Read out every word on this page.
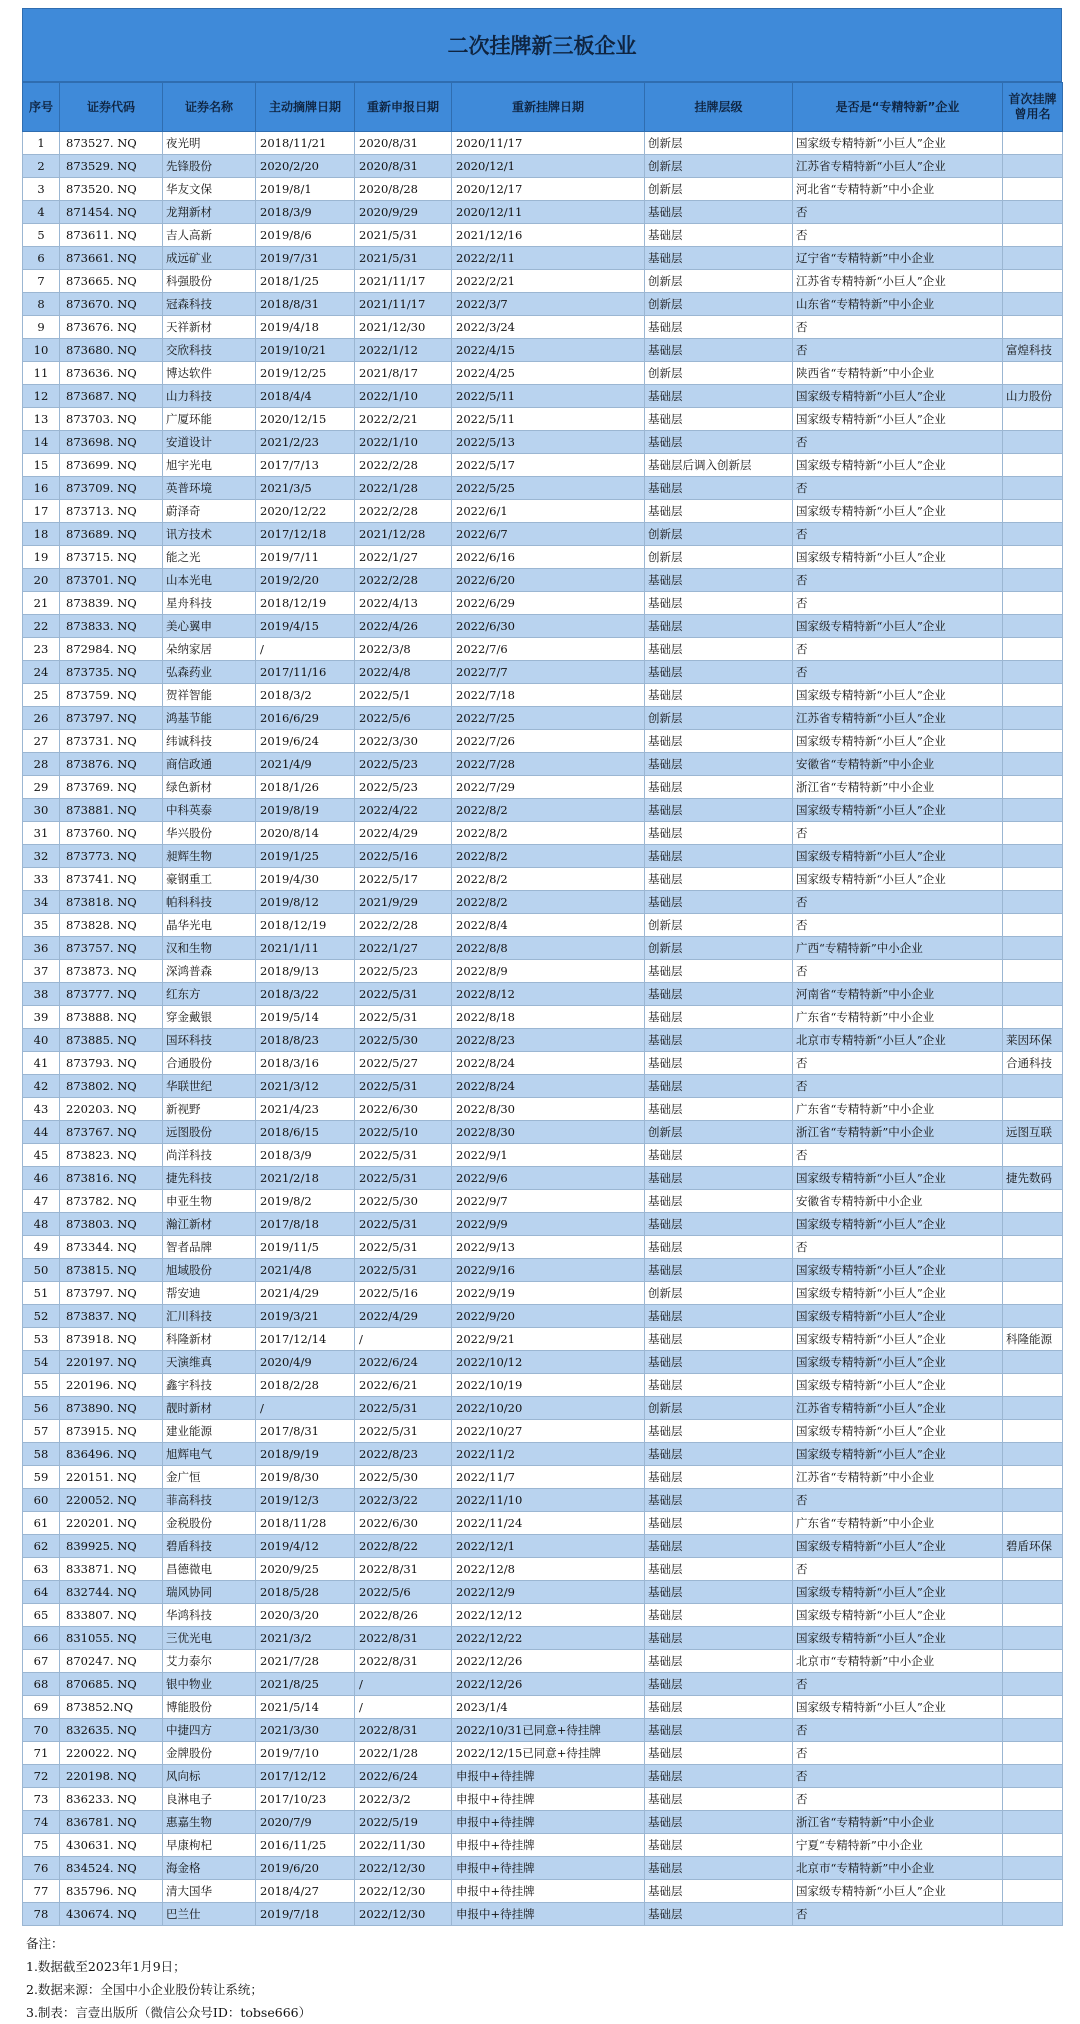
二次挂牌新三板企业
序号	证券代码	证券名称	主动摘牌日期	重新申报日期	重新挂牌日期	挂牌层级	是否是“专精特新”企业	首次挂牌曾用名
1	873527. NQ	夜光明	2018/11/21	2020/8/31	2020/11/17	创新层	国家级专精特新“小巨人”企业	
2	873529. NQ	先锋股份	2020/2/20	2020/8/31	2020/12/1	创新层	江苏省专精特新“小巨人”企业	
3	873520. NQ	华友文保	2019/8/1	2020/8/28	2020/12/17	创新层	河北省“专精特新”中小企业	
4	871454. NQ	龙翔新材	2018/3/9	2020/9/29	2020/12/11	基础层	否	
5	873611. NQ	吉人高新	2019/8/6	2021/5/31	2021/12/16	基础层	否	
6	873661. NQ	成远矿业	2019/7/31	2021/5/31	2022/2/11	基础层	辽宁省“专精特新”中小企业	
7	873665. NQ	科强股份	2018/1/25	2021/11/17	2022/2/21	创新层	江苏省专精特新“小巨人”企业	
8	873670. NQ	冠森科技	2018/8/31	2021/11/17	2022/3/7	创新层	山东省“专精特新”中小企业	
9	873676. NQ	天祥新材	2019/4/18	2021/12/30	2022/3/24	基础层	否	
10	873680. NQ	交欣科技	2019/10/21	2022/1/12	2022/4/15	基础层	否	富煌科技
11	873636. NQ	博达软件	2019/12/25	2021/8/17	2022/4/25	创新层	陕西省“专精特新”中小企业	
12	873687. NQ	山力科技	2018/4/4	2022/1/10	2022/5/11	基础层	国家级专精特新“小巨人”企业	山力股份
13	873703. NQ	广厦环能	2020/12/15	2022/2/21	2022/5/11	基础层	国家级专精特新“小巨人”企业	
14	873698. NQ	安道设计	2021/2/23	2022/1/10	2022/5/13	基础层	否	
15	873699. NQ	旭宇光电	2017/7/13	2022/2/28	2022/5/17	基础层后调入创新层	国家级专精特新“小巨人”企业	
16	873709. NQ	英普环境	2021/3/5	2022/1/28	2022/5/25	基础层	否	
17	873713. NQ	蔚泽奇	2020/12/22	2022/2/28	2022/6/1	基础层	国家级专精特新“小巨人”企业	
18	873689. NQ	讯方技术	2017/12/18	2021/12/28	2022/6/7	创新层	否	
19	873715. NQ	能之光	2019/7/11	2022/1/27	2022/6/16	创新层	国家级专精特新“小巨人”企业	
20	873701. NQ	山本光电	2019/2/20	2022/2/28	2022/6/20	基础层	否	
21	873839. NQ	星舟科技	2018/12/19	2022/4/13	2022/6/29	基础层	否	
22	873833. NQ	美心翼申	2019/4/15	2022/4/26	2022/6/30	基础层	国家级专精特新“小巨人”企业	
23	872984. NQ	朵纳家居	/	2022/3/8	2022/7/6	基础层	否	
24	873735. NQ	弘森药业	2017/11/16	2022/4/8	2022/7/7	基础层	否	
25	873759. NQ	贺祥智能	2018/3/2	2022/5/1	2022/7/18	基础层	国家级专精特新“小巨人”企业	
26	873797. NQ	鸿基节能	2016/6/29	2022/5/6	2022/7/25	创新层	江苏省专精特新“小巨人”企业	
27	873731. NQ	纬诚科技	2019/6/24	2022/3/30	2022/7/26	基础层	国家级专精特新“小巨人”企业	
28	873876. NQ	商信政通	2021/4/9	2022/5/23	2022/7/28	基础层	安徽省“专精特新”中小企业	
29	873769. NQ	绿色新材	2018/1/26	2022/5/23	2022/7/29	基础层	浙江省“专精特新”中小企业	
30	873881. NQ	中科英泰	2019/8/19	2022/4/22	2022/8/2	基础层	国家级专精特新“小巨人”企业	
31	873760. NQ	华兴股份	2020/8/14	2022/4/29	2022/8/2	基础层	否	
32	873773. NQ	昶辉生物	2019/1/25	2022/5/16	2022/8/2	基础层	国家级专精特新“小巨人”企业	
33	873741. NQ	豪钢重工	2019/4/30	2022/5/17	2022/8/2	基础层	国家级专精特新“小巨人”企业	
34	873818. NQ	帕科科技	2019/8/12	2021/9/29	2022/8/2	基础层	否	
35	873828. NQ	晶华光电	2018/12/19	2022/2/28	2022/8/4	创新层	否	
36	873757. NQ	汉和生物	2021/1/11	2022/1/27	2022/8/8	创新层	广西“专精特新”中小企业	
37	873873. NQ	深鸿普森	2018/9/13	2022/5/23	2022/8/9	基础层	否	
38	873777. NQ	红东方	2018/3/22	2022/5/31	2022/8/12	基础层	河南省“专精特新”中小企业	
39	873888. NQ	穿金戴银	2019/5/14	2022/5/31	2022/8/18	基础层	广东省“专精特新”中小企业	
40	873885. NQ	国环科技	2018/8/23	2022/5/30	2022/8/23	基础层	北京市专精特新“小巨人”企业	莱因环保
41	873793. NQ	合通股份	2018/3/16	2022/5/27	2022/8/24	基础层	否	合通科技
42	873802. NQ	华联世纪	2021/3/12	2022/5/31	2022/8/24	基础层	否	
43	220203. NQ	新视野	2021/4/23	2022/6/30	2022/8/30	基础层	广东省“专精特新”中小企业	
44	873767. NQ	远图股份	2018/6/15	2022/5/10	2022/8/30	创新层	浙江省“专精特新”中小企业	远图互联
45	873823. NQ	尚洋科技	2018/3/9	2022/5/31	2022/9/1	基础层	否	
46	873816. NQ	捷先科技	2021/2/18	2022/5/31	2022/9/6	基础层	国家级专精特新“小巨人”企业	捷先数码
47	873782. NQ	申亚生物	2019/8/2	2022/5/30	2022/9/7	基础层	安徽省专精特新中小企业	
48	873803. NQ	瀚江新材	2017/8/18	2022/5/31	2022/9/9	基础层	国家级专精特新“小巨人”企业	
49	873344. NQ	智者品牌	2019/11/5	2022/5/31	2022/9/13	基础层	否	
50	873815. NQ	旭域股份	2021/4/8	2022/5/31	2022/9/16	基础层	国家级专精特新“小巨人”企业	
51	873797. NQ	帮安迪	2021/4/29	2022/5/16	2022/9/19	创新层	国家级专精特新“小巨人”企业	
52	873837. NQ	汇川科技	2019/3/21	2022/4/29	2022/9/20	基础层	国家级专精特新“小巨人”企业	
53	873918. NQ	科隆新材	2017/12/14	/	2022/9/21	基础层	国家级专精特新“小巨人”企业	科隆能源
54	220197. NQ	天演维真	2020/4/9	2022/6/24	2022/10/12	基础层	国家级专精特新“小巨人”企业	
55	220196. NQ	鑫宇科技	2018/2/28	2022/6/21	2022/10/19	基础层	国家级专精特新“小巨人”企业	
56	873890. NQ	靓时新材	/	2022/5/31	2022/10/20	创新层	江苏省专精特新“小巨人”企业	
57	873915. NQ	建业能源	2017/8/31	2022/5/31	2022/10/27	基础层	国家级专精特新“小巨人”企业	
58	836496. NQ	旭辉电气	2018/9/19	2022/8/23	2022/11/2	基础层	国家级专精特新“小巨人”企业	
59	220151. NQ	金广恒	2019/8/30	2022/5/30	2022/11/7	基础层	江苏省“专精特新”中小企业	
60	220052. NQ	菲高科技	2019/12/3	2022/3/22	2022/11/10	基础层	否	
61	220201. NQ	金税股份	2018/11/28	2022/6/30	2022/11/24	基础层	广东省“专精特新”中小企业	
62	839925. NQ	碧盾科技	2019/4/12	2022/8/22	2022/12/1	基础层	国家级专精特新“小巨人”企业	碧盾环保
63	833871. NQ	昌德微电	2020/9/25	2022/8/31	2022/12/8	基础层	否	
64	832744. NQ	瑞风协同	2018/5/28	2022/5/6	2022/12/9	基础层	国家级专精特新“小巨人”企业	
65	833807. NQ	华鸿科技	2020/3/20	2022/8/26	2022/12/12	基础层	国家级专精特新“小巨人”企业	
66	831055. NQ	三优光电	2021/3/2	2022/8/31	2022/12/22	基础层	国家级专精特新“小巨人”企业	
67	870247. NQ	艾力泰尔	2021/7/28	2022/8/31	2022/12/26	基础层	北京市“专精特新”中小企业	
68	870685. NQ	银中物业	2021/8/25	/	2022/12/26	基础层	否	
69	873852.NQ	博能股份	2021/5/14	/	2023/1/4	基础层	国家级专精特新“小巨人”企业	
70	832635. NQ	中捷四方	2021/3/30	2022/8/31	2022/10/31已同意+待挂牌	基础层	否	
71	220022. NQ	金牌股份	2019/7/10	2022/1/28	2022/12/15已同意+待挂牌	基础层	否	
72	220198. NQ	风向标	2017/12/12	2022/6/24	申报中+待挂牌	基础层	否	
73	836233. NQ	良淋电子	2017/10/23	2022/3/2	申报中+待挂牌	基础层	否	
74	836781. NQ	惠嘉生物	2020/7/9	2022/5/19	申报中+待挂牌	基础层	浙江省“专精特新”中小企业	
75	430631. NQ	早康枸杞	2016/11/25	2022/11/30	申报中+待挂牌	基础层	宁夏“专精特新”中小企业	
76	834524. NQ	海金格	2019/6/20	2022/12/30	申报中+待挂牌	基础层	北京市“专精特新”中小企业	
77	835796. NQ	清大国华	2018/4/27	2022/12/30	申报中+待挂牌	基础层	国家级专精特新“小巨人”企业	
78	430674. NQ	巴兰仕	2019/7/18	2022/12/30	申报中+待挂牌	基础层	否	
备注：
1.数据截至2023年1月9日；
2.数据来源：全国中小企业股份转让系统；
3.制表：言壹出版所（微信公众号ID：tobse666）
